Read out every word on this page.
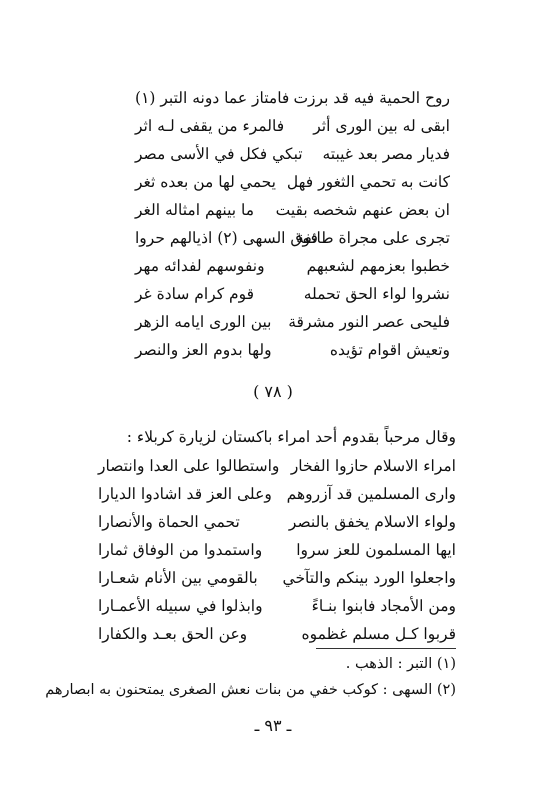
روح الحمية فيه قد برزت
فامتاز عما دونه التبر (١)
ابقى له بين الورى أثر
فالمرء من يقفى لـه اثر
فديار مصر بعد غيبته
تبكي فكل في الأسى مصر
كانت به تحمي الثغور فهل
يحمي لها من بعده ثغر
ان بعض عنهم شخصه بقيت
ما بينهم امثاله الغر
تجرى على مجراة طائفة
فوق السهى (٢) اذيالهم حروا
خطبوا بعزمهم لشعبهم
ونفوسهم لفدائه مهر
نشروا لواء الحق تحمله
قوم كرام سادة غر
فليحى عصر النور مشرقة
بين الورى ايامه الزهر
وتعيش اقوام تؤيده
ولها بدوم العز والنصر
( ٧٨ )
وقال مرحباً بقدوم أحد امراء باكستان لزيارة كربلاء :
امراء الاسلام حازوا الفخار
واستطالوا على العدا وانتصار
وارى المسلمين قد آزروهم
وعلى العز قد اشادوا الديارا
ولواء الاسلام يخفق بالنصر
تحمي الحماة والأنصارا
ايها المسلمون للعز سروا
واستمدوا من الوفاق ثمارا
واجعلوا الورد بينكم والتآخي
بالقومي بين الأنام شعـارا
ومن الأمجاد فابنوا بنـاءً
وابذلوا في سبيله الأعمـارا
قربوا كـل مسلم غظموه
وعن الحق بعـد والكفارا
(١) التبر : الذهب .
(٢) السهى : كوكب خفي من بنات نعش الصغرى يمتحنون به ابصارهم
ـ ٩٣ ـ
